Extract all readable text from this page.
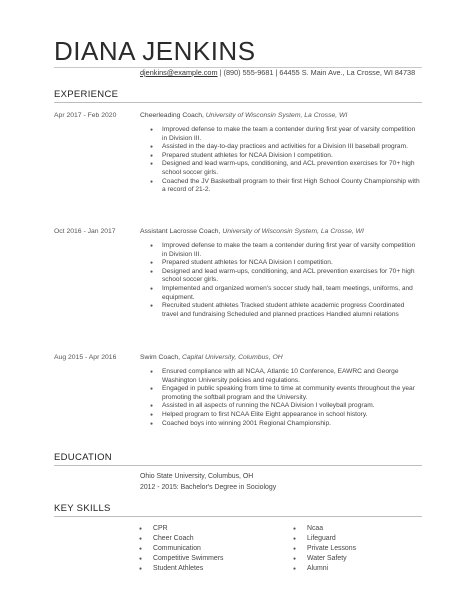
DIANA JENKINS
djenkins@example.com | (890) 555-9681 | 64455 S. Main Ave., La Crosse, WI 84738
EXPERIENCE
Apr 2017 - Feb 2020	Cheerleading Coach, University of Wisconsin System, La Crosse, WI
● Improved defense to make the team a contender during first year of varsity competition in Division III.
● Assisted in the day-to-day practices and activities for a Division III baseball program.
● Prepared student athletes for NCAA Division I competition.
● Designed and lead warm-ups, conditioning, and ACL prevention exercises for 70+ high school soccer girls.
● Coached the JV Basketball program to their first High School County Championship with a record of 21-2.
Oct 2016 - Jan 2017	Assistant Lacrosse Coach, University of Wisconsin System, La Crosse, WI
● Improved defense to make the team a contender during first year of varsity competition in Division III.
● Prepared student athletes for NCAA Division I competition.
● Designed and lead warm-ups, conditioning, and ACL prevention exercises for 70+ high school soccer girls.
● Implemented and organized women's soccer study hall, team meetings, uniforms, and equipment.
● Recruited student athletes Tracked student athlete academic progress Coordinated travel and fundraising Scheduled and planned practices Handled alumni relations
Aug 2015 - Apr 2016	Swim Coach, Capital University, Columbus, OH
● Ensured compliance with all NCAA, Atlantic 10 Conference, EAWRC and George Washington University policies and regulations.
● Engaged in public speaking from time to time at community events throughout the year promoting the softball program and the University.
● Assisted in all aspects of running the NCAA Division I volleyball program.
● Helped program to first NCAA Elite Eight appearance in school history.
● Coached boys into winning 2001 Regional Championship.
EDUCATION
Ohio State University, Columbus, OH
2012 - 2015: Bachelor's Degree in Sociology
KEY SKILLS
● CPR
● Cheer Coach
● Communication
● Competitive Swimmers
● Student Athletes
● Ncaa
● Lifeguard
● Private Lessons
● Water Safety
● Alumni
